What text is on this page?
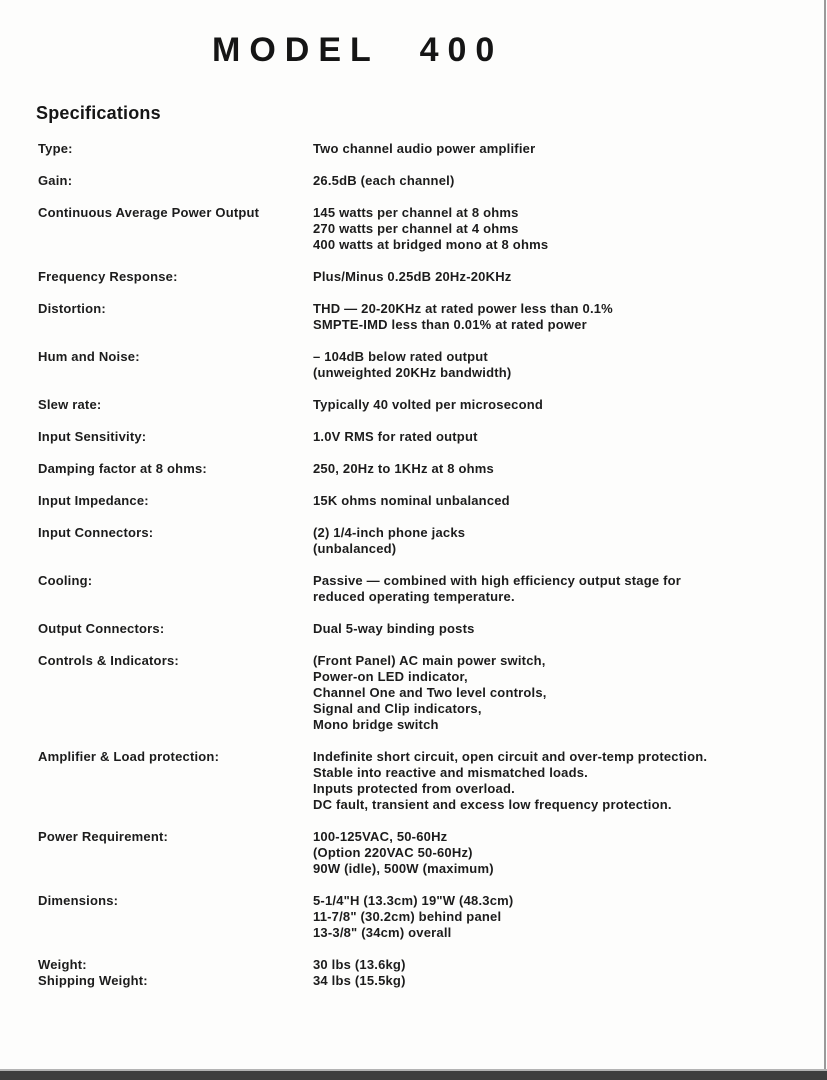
MODEL 400
Specifications
Type:	Two channel audio power amplifier
Gain:	26.5dB (each channel)
Continuous Average Power Output	145 watts per channel at 8 ohms
270 watts per channel at 4 ohms
400 watts at bridged mono at 8 ohms
Frequency Response:	Plus/Minus 0.25dB 20Hz-20KHz
Distortion:	THD — 20-20KHz at rated power less than 0.1%
SMPTE-IMD less than 0.01% at rated power
Hum and Noise:	– 104dB below rated output
(unweighted 20KHz bandwidth)
Slew rate:	Typically 40 volted per microsecond
Input Sensitivity:	1.0V RMS for rated output
Damping factor at 8 ohms:	250, 20Hz to 1KHz at 8 ohms
Input Impedance:	15K ohms nominal unbalanced
Input Connectors:	(2) 1/4-inch phone jacks
(unbalanced)
Cooling:	Passive — combined with high efficiency output stage for
reduced operating temperature.
Output Connectors:	Dual 5-way binding posts
Controls & Indicators:	(Front Panel) AC main power switch,
Power-on LED indicator,
Channel One and Two level controls,
Signal and Clip indicators,
Mono bridge switch
Amplifier & Load protection:	Indefinite short circuit, open circuit and over-temp protection.
Stable into reactive and mismatched loads.
Inputs protected from overload.
DC fault, transient and excess low frequency protection.
Power Requirement:	100-125VAC, 50-60Hz
(Option 220VAC 50-60Hz)
90W (idle), 500W (maximum)
Dimensions:	5-1/4"H (13.3cm) 19"W (48.3cm)
11-7/8" (30.2cm) behind panel
13-3/8" (34cm) overall
Weight:	30 lbs (13.6kg)
Shipping Weight:	34 lbs (15.5kg)
